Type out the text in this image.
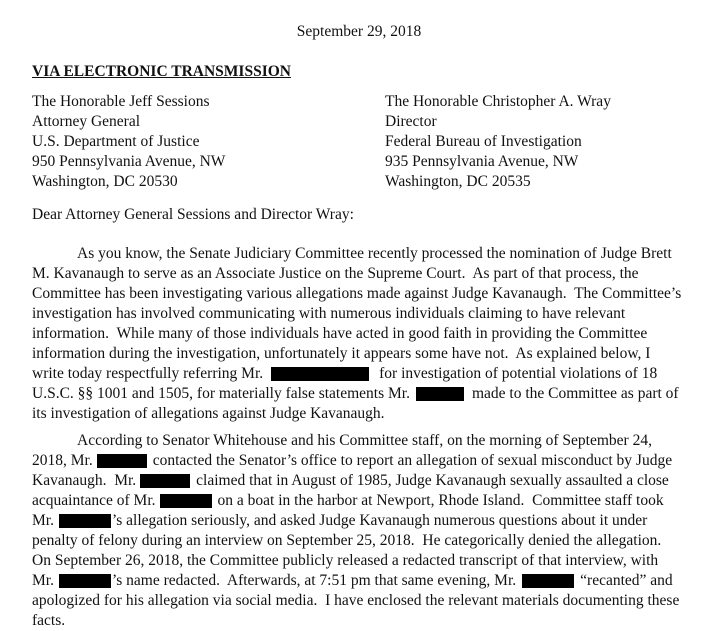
September 29, 2018
VIA ELECTRONIC TRANSMISSION
The Honorable Jeff Sessions
Attorney General
U.S. Department of Justice
950 Pennsylvania Avenue, NW
Washington, DC 20530
The Honorable Christopher A. Wray
Director
Federal Bureau of Investigation
935 Pennsylvania Avenue, NW
Washington, DC 20535
Dear Attorney General Sessions and Director Wray:
As you know, the Senate Judiciary Committee recently processed the nomination of Judge Brett
M. Kavanaugh to serve as an Associate Justice on the Supreme Court.  As part of that process, the
Committee has been investigating various allegations made against Judge Kavanaugh.  The Committee’s
investigation has involved communicating with numerous individuals claiming to have relevant
information.  While many of those individuals have acted in good faith in providing the Committee
information during the investigation, unfortunately it appears some have not.  As explained below, I
write today respectfully referring Mr.	for investigation of potential violations of 18
U.S.C. §§ 1001 and 1505, for materially false statements Mr.	made to the Committee as part of
its investigation of allegations against Judge Kavanaugh.
According to Senator Whitehouse and his Committee staff, on the morning of September 24,
2018, Mr.	contacted the Senator’s office to report an allegation of sexual misconduct by Judge
Kavanaugh.  Mr.	claimed that in August of 1985, Judge Kavanaugh sexually assaulted a close
acquaintance of Mr.	on a boat in the harbor at Newport, Rhode Island.  Committee staff took
Mr.	’s allegation seriously, and asked Judge Kavanaugh numerous questions about it under
penalty of felony during an interview on September 25, 2018.  He categorically denied the allegation.
On September 26, 2018, the Committee publicly released a redacted transcript of that interview, with
Mr.	’s name redacted.  Afterwards, at 7:51 pm that same evening, Mr.	“recanted” and
apologized for his allegation via social media.  I have enclosed the relevant materials documenting these
facts.
